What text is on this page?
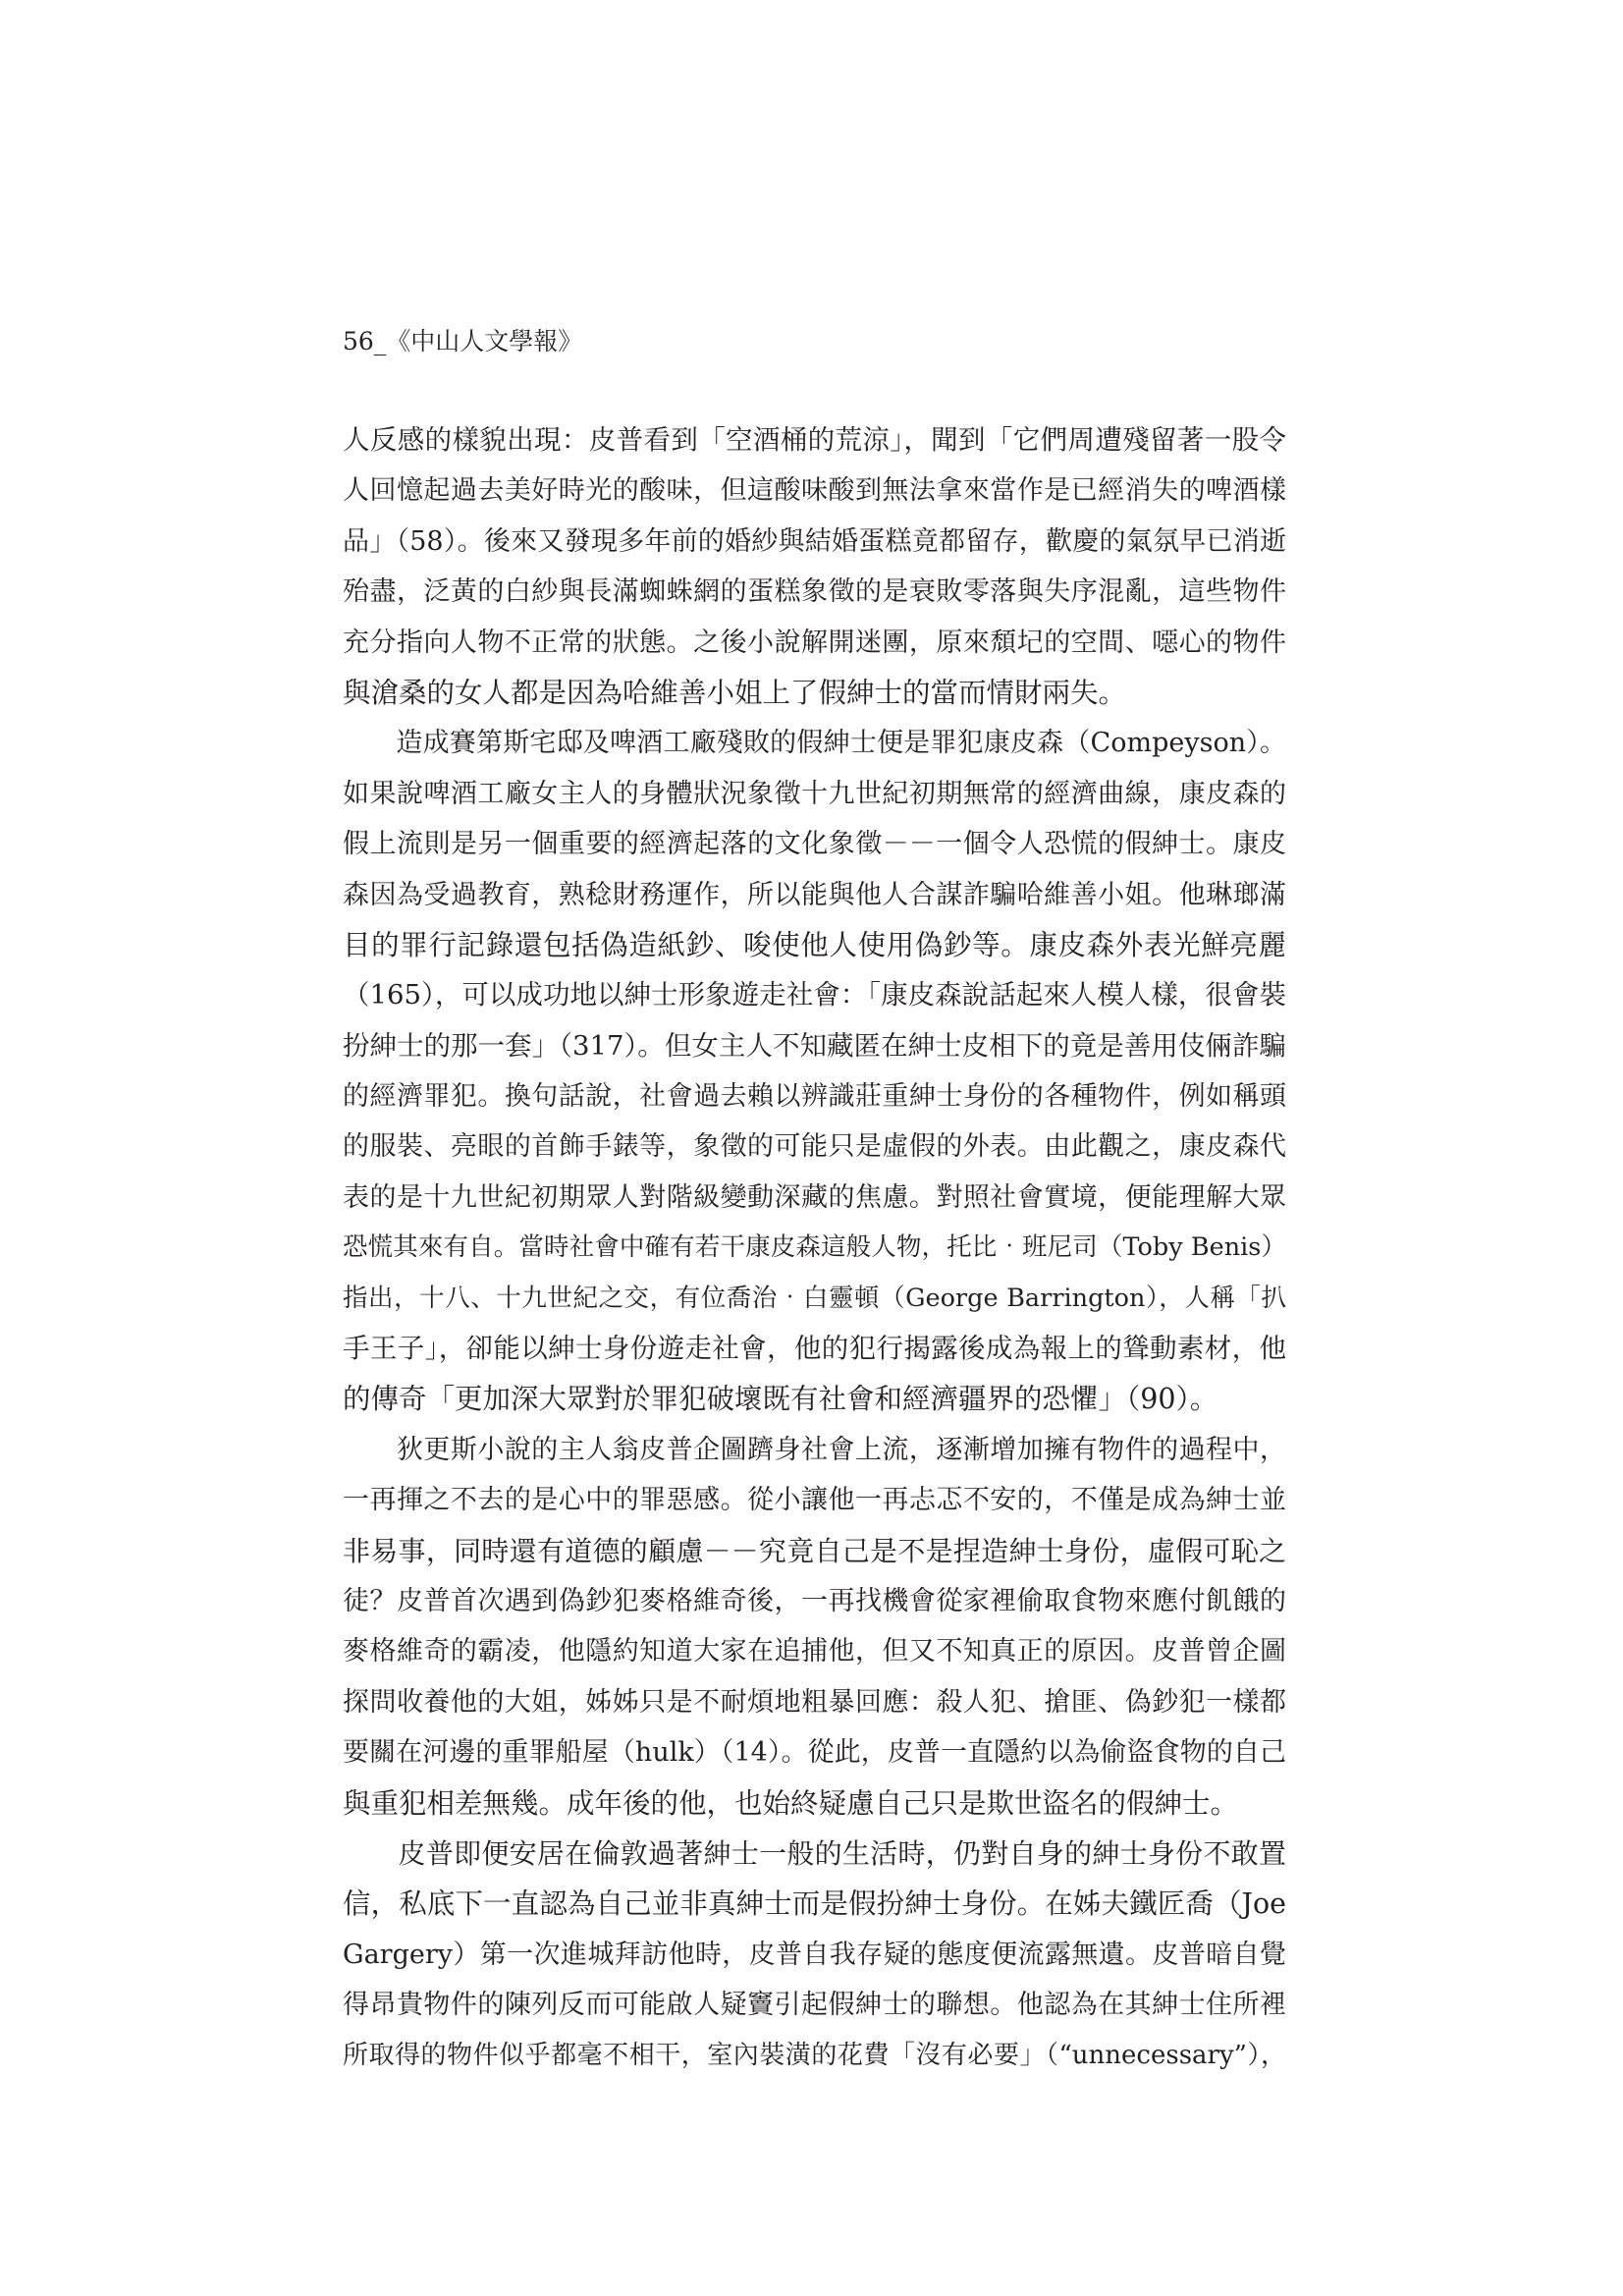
56_《中山人文學報》
人反感的樣貌出現：皮普看到「空酒桶的荒涼」，聞到「它們周遭殘留著一股令
人回憶起過去美好時光的酸味，但這酸味酸到無法拿來當作是已經消失的啤酒樣
品」（58）。後來又發現多年前的婚紗與結婚蛋糕竟都留存，歡慶的氣氛早已消逝
殆盡，泛黃的白紗與長滿蜘蛛網的蛋糕象徵的是衰敗零落與失序混亂，這些物件
充分指向人物不正常的狀態。之後小說解開迷團，原來頹圮的空間、噁心的物件
與滄桑的女人都是因為哈維善小姐上了假紳士的當而情財兩失。
　　造成賽第斯宅邸及啤酒工廠殘敗的假紳士便是罪犯康皮森（Compeyson）。
如果說啤酒工廠女主人的身體狀況象徵十九世紀初期無常的經濟曲線，康皮森的
假上流則是另一個重要的經濟起落的文化象徵－－一個令人恐慌的假紳士。康皮
森因為受過教育，熟稔財務運作，所以能與他人合謀詐騙哈維善小姐。他琳瑯滿
目的罪行記錄還包括偽造紙鈔、唆使他人使用偽鈔等。康皮森外表光鮮亮麗
（165），可以成功地以紳士形象遊走社會：「康皮森說話起來人模人樣，很會裝
扮紳士的那一套」（317）。但女主人不知藏匿在紳士皮相下的竟是善用伎倆詐騙
的經濟罪犯。換句話說，社會過去賴以辨識莊重紳士身份的各種物件，例如稱頭
的服裝、亮眼的首飾手錶等，象徵的可能只是虛假的外表。由此觀之，康皮森代
表的是十九世紀初期眾人對階級變動深藏的焦慮。對照社會實境，便能理解大眾
恐慌其來有自。當時社會中確有若干康皮森這般人物，托比‧班尼司（Toby Benis）
指出，十八、十九世紀之交，有位喬治‧白靈頓（George Barrington），人稱「扒
手王子」，卻能以紳士身份遊走社會，他的犯行揭露後成為報上的聳動素材，他
的傳奇「更加深大眾對於罪犯破壞既有社會和經濟疆界的恐懼」（90）。
　　狄更斯小說的主人翁皮普企圖躋身社會上流，逐漸增加擁有物件的過程中，
一再揮之不去的是心中的罪惡感。從小讓他一再忐忑不安的，不僅是成為紳士並
非易事，同時還有道德的顧慮－－究竟自己是不是捏造紳士身份，虛假可恥之
徒？皮普首次遇到偽鈔犯麥格維奇後，一再找機會從家裡偷取食物來應付飢餓的
麥格維奇的霸凌，他隱約知道大家在追捕他，但又不知真正的原因。皮普曾企圖
探問收養他的大姐，姊姊只是不耐煩地粗暴回應：殺人犯、搶匪、偽鈔犯一樣都
要關在河邊的重罪船屋（hulk）（14）。從此，皮普一直隱約以為偷盜食物的自己
與重犯相差無幾。成年後的他，也始終疑慮自己只是欺世盜名的假紳士。
　　皮普即便安居在倫敦過著紳士一般的生活時，仍對自身的紳士身份不敢置
信，私底下一直認為自己並非真紳士而是假扮紳士身份。在姊夫鐵匠喬（Joe
Gargery）第一次進城拜訪他時，皮普自我存疑的態度便流露無遺。皮普暗自覺
得昂貴物件的陳列反而可能啟人疑竇引起假紳士的聯想。他認為在其紳士住所裡
所取得的物件似乎都毫不相干，室內裝潢的花費「沒有必要」（“unnecessary”），
